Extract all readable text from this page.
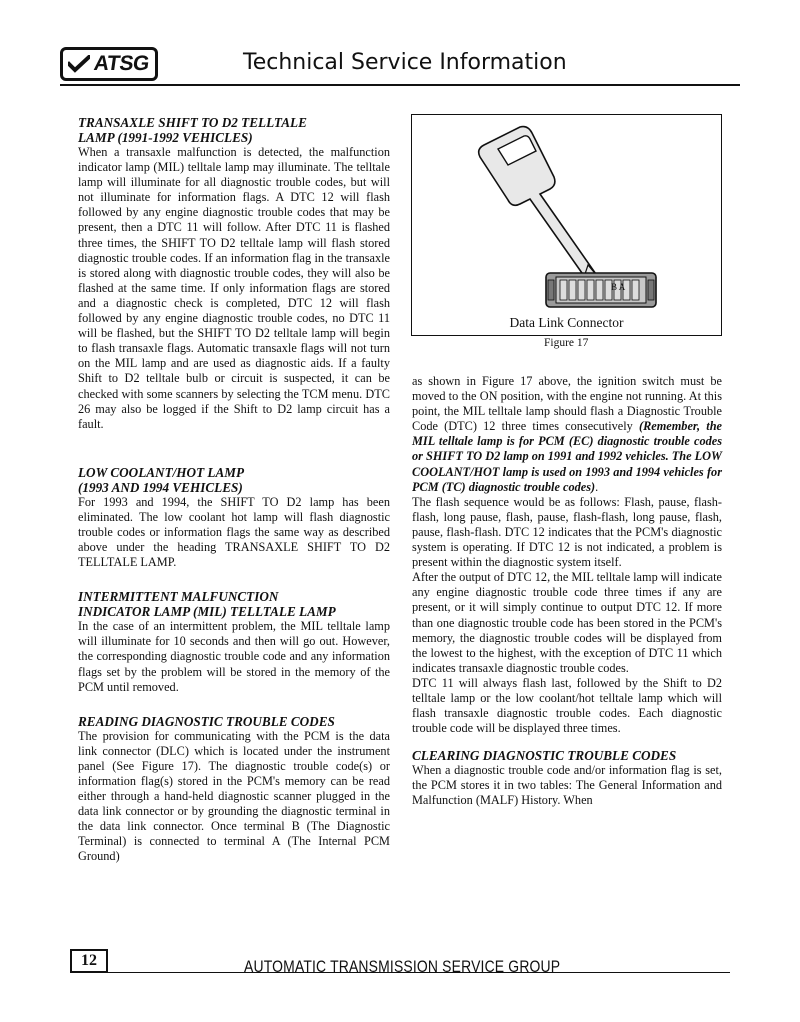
ATSG	Technical Service Information

TRANSAXLE SHIFT TO D2 TELLTALE

LAMP (1991-1992 VEHICLES)

When a transaxle malfunction is detected, the malfunction indicator lamp (MIL) telltale lamp may illuminate. The telltale lamp will illuminate for all diagnostic trouble codes, but will not illuminate for information flags. A DTC 12 will flash followed by any engine diagnostic trouble codes that may be present, then a DTC 11 will follow. After DTC 11 is flashed three times, the SHIFT TO D2 telltale lamp will flash stored diagnostic trouble codes. If an information flag in the transaxle is stored along with diagnostic trouble codes, they will also be flashed at the same time. If only information flags are stored and a diagnostic check is completed, DTC 12 will flash followed by any engine diagnostic trouble codes, no DTC 11 will be flashed, but the SHIFT TO D2 telltale lamp will begin to flash transaxle flags. Automatic transaxle flags will not turn on the MIL lamp and are used as diagnostic aids. If a faulty Shift to D2 telltale bulb or circuit is suspected, it can be checked with some scanners by selecting the TCM menu. DTC 26 may also be logged if the Shift to D2 lamp circuit has a fault.

LOW COOLANT/HOT LAMP

(1993 AND 1994 VEHICLES)

For 1993 and 1994, the SHIFT TO D2 lamp has been eliminated. The low coolant hot lamp will flash diagnostic trouble codes or information flags the same way as described above under the heading TRANSAXLE SHIFT TO D2 TELLTALE LAMP.

INTERMITTENT MALFUNCTION

INDICATOR LAMP (MIL) TELLTALE LAMP

In the case of an intermittent problem, the MIL telltale lamp will illuminate for 10 seconds and then will go out. However, the corresponding diagnostic trouble code and any information flags set by the problem will be stored in the memory of the PCM until removed.

READING DIAGNOSTIC TROUBLE CODES

The provision for communicating with the PCM is the data link connector (DLC) which is located under the instrument panel (See Figure 17). The diagnostic trouble code(s) or information flag(s) stored in the PCM's memory can be read either through a hand-held diagnostic scanner plugged in the data link connector or by grounding the diagnostic terminal in the data link connector. Once terminal B (The Diagnostic Terminal) is connected to terminal A (The Internal PCM Ground)

B A
Data Link Connector
Figure 17

as shown in Figure 17 above, the ignition switch must be moved to the ON position, with the engine not running. At this point, the MIL telltale lamp should flash a Diagnostic Trouble Code (DTC) 12 three times consecutively (Remember, the MIL telltale lamp is for PCM (EC) diagnostic trouble codes or SHIFT TO D2 lamp on 1991 and 1992 vehicles. The LOW COOLANT/HOT lamp is used on 1993 and 1994 vehicles for PCM (TC) diagnostic trouble codes).

The flash sequence would be as follows: Flash, pause, flash-flash, long pause, flash, pause, flash-flash, long pause, flash, pause, flash-flash. DTC 12 indicates that the PCM's diagnostic system is operating. If DTC 12 is not indicated, a problem is present within the diagnostic system itself.

After the output of DTC 12, the MIL telltale lamp will indicate any engine diagnostic trouble code three times if any are present, or it will simply continue to output DTC 12. If more than one diagnostic trouble code has been stored in the PCM's memory, the diagnostic trouble codes will be displayed from the lowest to the highest, with the exception of DTC 11 which indicates transaxle diagnostic trouble codes.

DTC 11 will always flash last, followed by the Shift to D2 telltale lamp or the low coolant/hot telltale lamp which will flash transaxle diagnostic trouble codes. Each diagnostic trouble code will be displayed three times.

CLEARING DIAGNOSTIC TROUBLE CODES

When a diagnostic trouble code and/or information flag is set, the PCM stores it in two tables: The General Information and Malfunction (MALF) History. When

12	AUTOMATIC TRANSMISSION SERVICE GROUP
